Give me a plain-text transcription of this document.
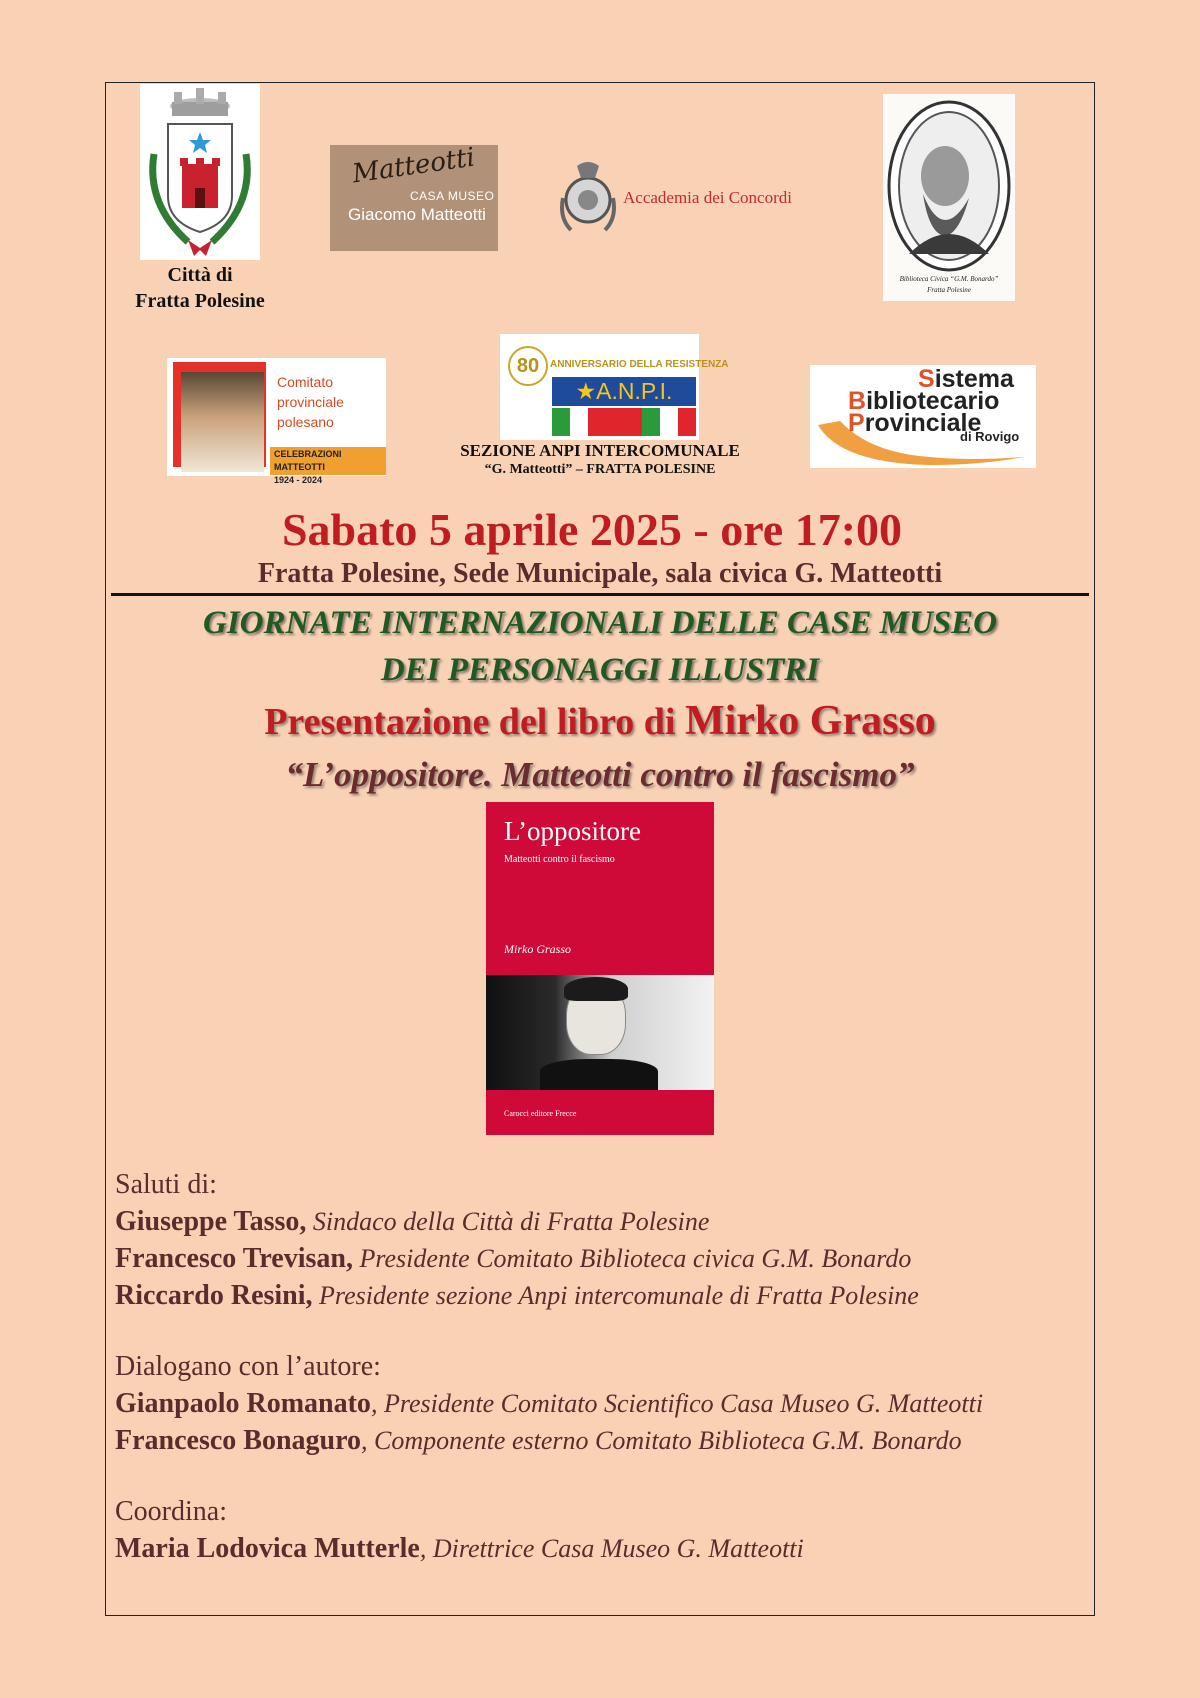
Città di
Fratta Polesine
Matteotti
CASA MUSEO
Giacomo Matteotti
Accademia dei Concordi
Biblioteca Civica “G.M. Bonardo”
Fratta Polesine
Comitato
provinciale
polesano
CELEBRAZIONI MATTEOTTI
1924 - 2024
80	ANNIVERSARIO DELLA RESISTENZA
★A.N.P.I.
SEZIONE ANPI INTERCOMUNALE
“G. Matteotti” – FRATTA POLESINE
Sistema
Bibliotecario
Provinciale
di Rovigo
Sabato 5 aprile 2025 - ore 17:00
Fratta Polesine, Sede Municipale, sala civica G. Matteotti
GIORNATE INTERNAZIONALI DELLE CASE MUSEO
DEI PERSONAGGI ILLUSTRI
Presentazione del libro di Mirko Grasso
“L’oppositore. Matteotti contro il fascismo”
L’oppositore
Matteotti contro il fascismo
Mirko Grasso
Carocci editore Frecce
Saluti di:
Giuseppe Tasso, Sindaco della Città di Fratta Polesine
Francesco Trevisan, Presidente Comitato Biblioteca civica G.M. Bonardo
Riccardo Resini, Presidente sezione Anpi intercomunale di Fratta Polesine
Dialogano con l’autore:
Gianpaolo Romanato, Presidente Comitato Scientifico Casa Museo G. Matteotti
Francesco Bonaguro, Componente esterno Comitato Biblioteca G.M. Bonardo
Coordina:
Maria Lodovica Mutterle, Direttrice Casa Museo G. Matteotti
